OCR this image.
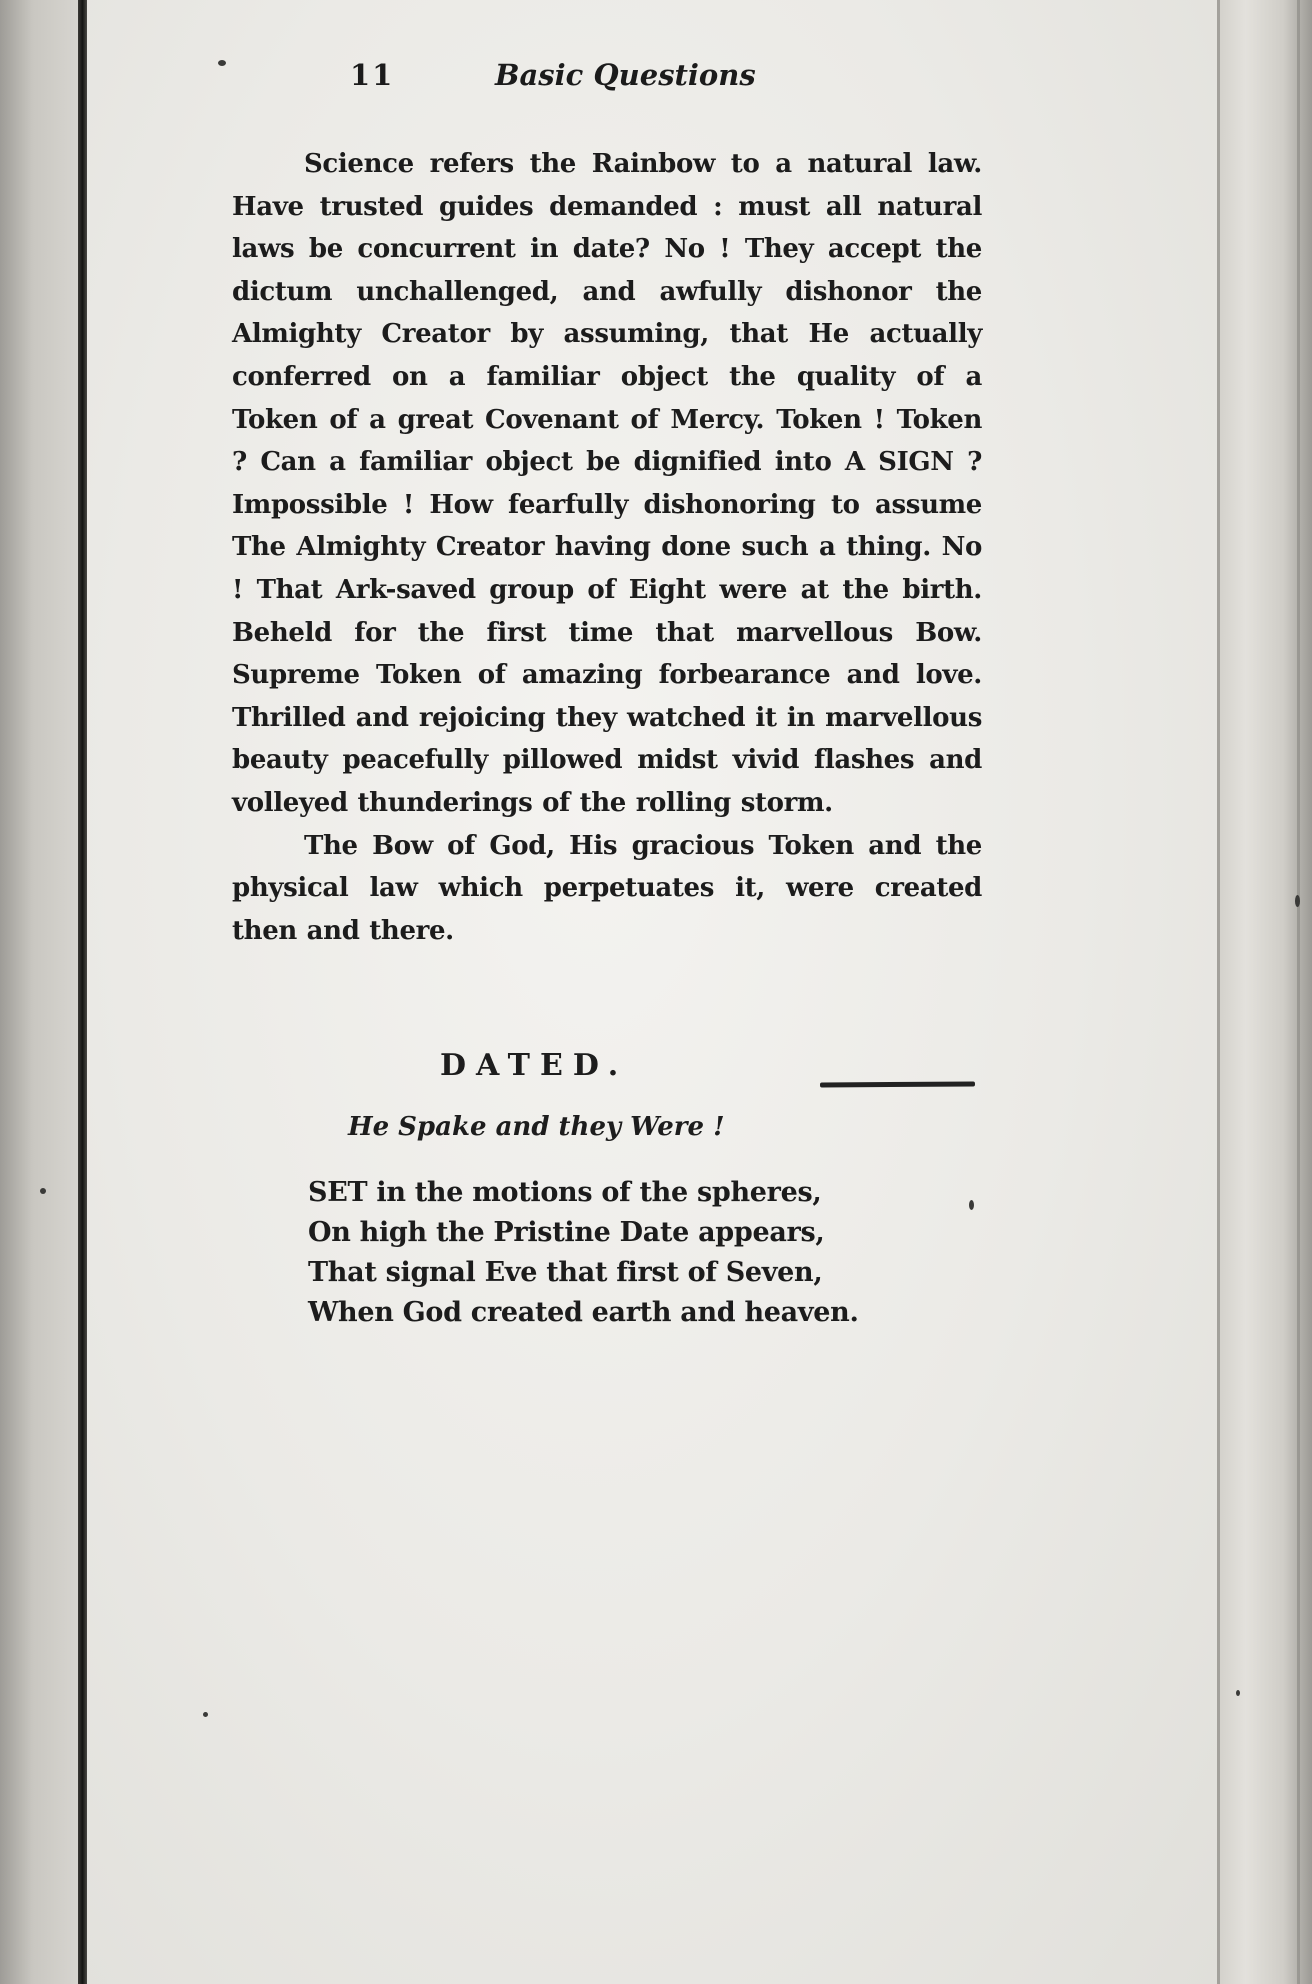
11	Basic Questions

Science refers the Rainbow to a natural law. Have trusted guides demanded : must all natural laws be concurrent in date? No ! They accept the dictum unchallenged, and awfully dishonor the Almighty Creator by assuming, that He actually conferred on a familiar object the quality of a Token of a great Covenant of Mercy. Token ! Token ? Can a familiar object be dignified into A SIGN ? Impossible ! How fearfully dishonoring to assume The Almighty Creator having done such a thing. No ! That Ark-saved group of Eight were at the birth. Beheld for the first time that marvellous Bow. Supreme Token of amazing forbearance and love. Thrilled and rejoicing they watched it in marvellous beauty peacefully pillowed midst vivid flashes and volleyed thunderings of the rolling storm.

The Bow of God, His gracious Token and the physical law which perpetuates it, were created then and there.

DATED.
He Spake and they Were !
SET in the motions of the spheres,
On high the Pristine Date appears,
That signal Eve that first of Seven,
When God created earth and heaven.
